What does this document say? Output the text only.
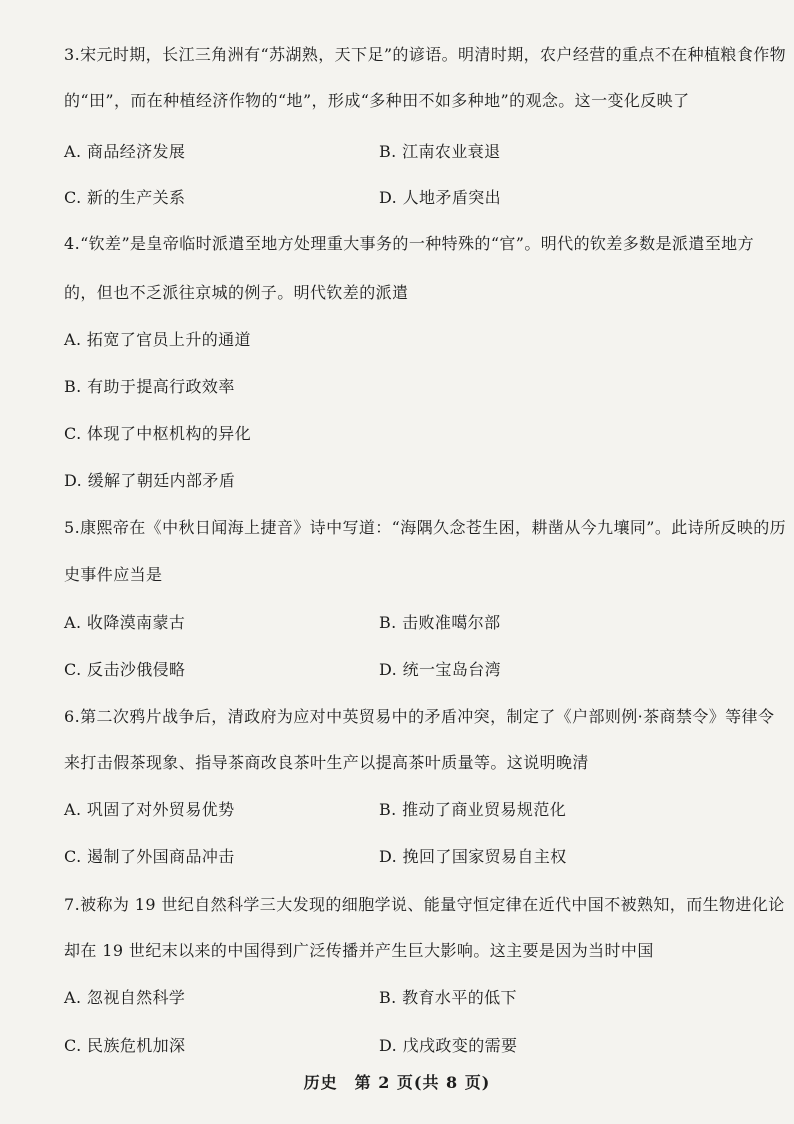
3.宋元时期，长江三角洲有“苏湖熟，天下足”的谚语。明清时期，农户经营的重点不在种植粮食作物
的“田”，而在种植经济作物的“地”，形成“多种田不如多种地”的观念。这一变化反映了
A. 商品经济发展	B. 江南农业衰退
C. 新的生产关系	D. 人地矛盾突出
4.“钦差”是皇帝临时派遣至地方处理重大事务的一种特殊的“官”。明代的钦差多数是派遣至地方
的，但也不乏派往京城的例子。明代钦差的派遣
A. 拓宽了官员上升的通道
B. 有助于提高行政效率
C. 体现了中枢机构的异化
D. 缓解了朝廷内部矛盾
5.康熙帝在《中秋日闻海上捷音》诗中写道：“海隅久念苍生困，耕凿从今九壤同”。此诗所反映的历
史事件应当是
A. 收降漠南蒙古	B. 击败准噶尔部
C. 反击沙俄侵略	D. 统一宝岛台湾
6.第二次鸦片战争后，清政府为应对中英贸易中的矛盾冲突，制定了《户部则例·茶商禁令》等律令
来打击假茶现象、指导茶商改良茶叶生产以提高茶叶质量等。这说明晚清
A. 巩固了对外贸易优势	B. 推动了商业贸易规范化
C. 遏制了外国商品冲击	D. 挽回了国家贸易自主权
7.被称为 19 世纪自然科学三大发现的细胞学说、能量守恒定律在近代中国不被熟知，而生物进化论
却在 19 世纪末以来的中国得到广泛传播并产生巨大影响。这主要是因为当时中国
A. 忽视自然科学	B. 教育水平的低下
C. 民族危机加深	D. 戊戌政变的需要
历史　第 2 页(共 8 页)
